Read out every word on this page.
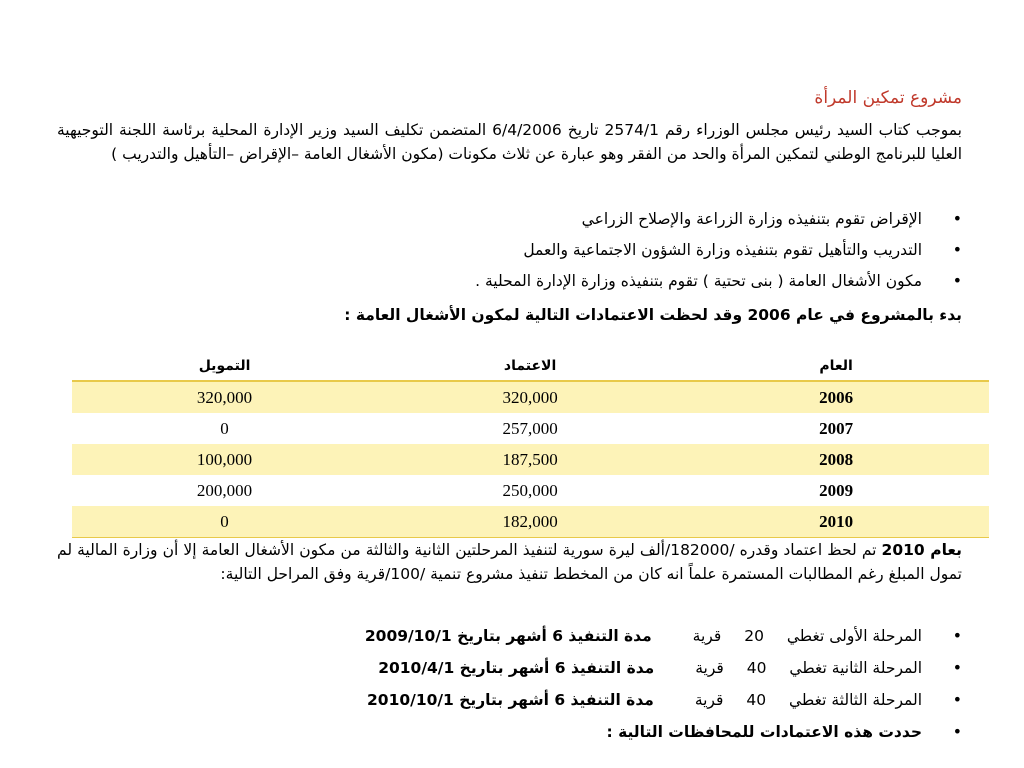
مشروع تمكين المرأة
بموجب كتاب السيد رئيس مجلس الوزراء رقم 2574/1 تاريخ 6/4/2006 المتضمن تكليف السيد وزير الإدارة المحلية برئاسة اللجنة التوجيهية العليا للبرنامج الوطني لتمكين المرأة والحد من الفقر وهو عبارة عن ثلاث مكونات (مكون الأشغال العامة –الإقراض –التأهيل والتدريب )
• الإقراض تقوم بتنفيذه وزارة الزراعة والإصلاح الزراعي
• التدريب والتأهيل تقوم بتنفيذه وزارة الشؤون الاجتماعية والعمل
• مكون الأشغال العامة ( بنى تحتية ) تقوم بتنفيذه وزارة الإدارة المحلية .
بدء بالمشروع في عام 2006 وقد لحظت الاعتمادات التالية لمكون الأشغال العامة :
العام	الاعتماد	التمويل
2006	320,000	320,000
2007	257,000	0
2008	187,500	100,000
2009	250,000	200,000
2010	182,000	0
بعام 2010 تم لحظ اعتماد وقدره /182000/ألف ليرة سورية لتنفيذ المرحلتين الثانية والثالثة من مكون الأشغال العامة إلا أن وزارة المالية لم تمول المبلغ رغم المطالبات المستمرة علماً انه كان من المخطط تنفيذ مشروع تنمية /100/قرية وفق المراحل التالية:
• المرحلة الأولى تغطي 20 قرية مدة التنفيذ 6 أشهر بتاريخ 2009/10/1
• المرحلة الثانية تغطي 40 قرية مدة التنفيذ 6 أشهر بتاريخ 2010/4/1
• المرحلة الثالثة تغطي 40 قرية مدة التنفيذ 6 أشهر بتاريخ 2010/10/1
• حددت هذه الاعتمادات للمحافظات التالية :
